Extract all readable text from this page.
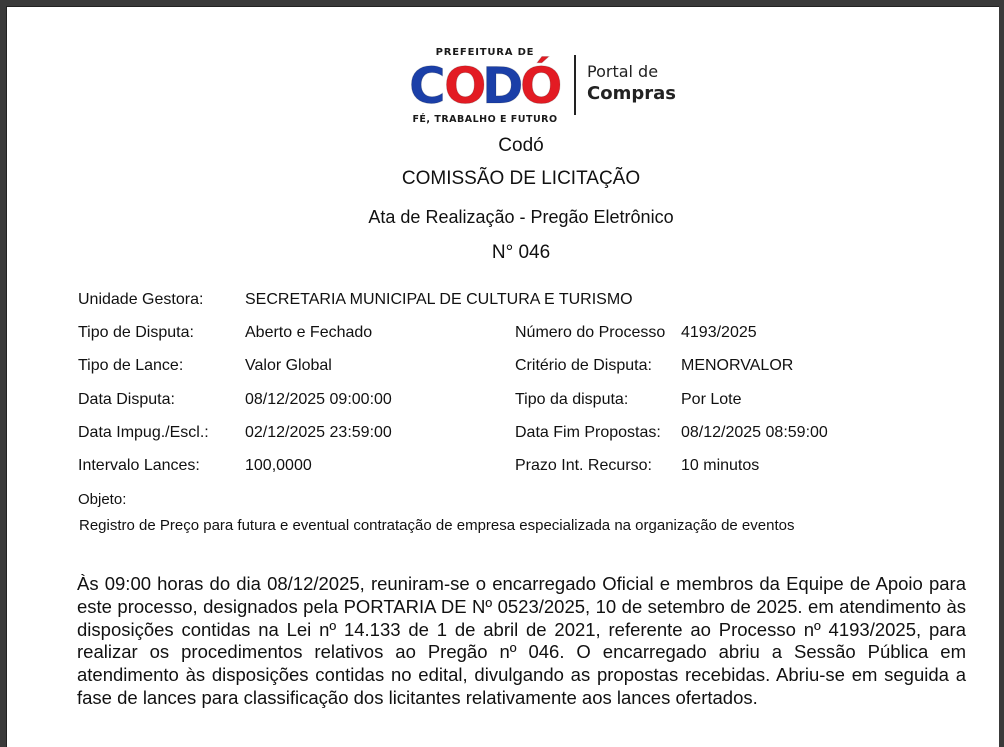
PREFEITURA DE
C O
D
Ó
FÉ, TRABALHO E FUTURO
Portal de
Compras
Codó
COMISSÃO DE LICITAÇÃO
Ata de Realização - Pregão Eletrônico
N° 046
Unidade Gestora:	SECRETARIA MUNICIPAL DE CULTURA E TURISMO
Tipo de Disputa:	Aberto e Fechado	Número do Processo 4193/2025
Tipo de Lance:	Valor Global	Critério de Disputa: MENORVALOR
Data Disputa:	08/12/2025 09:00:00	Tipo da disputa:	Por Lote
Data Impug./Escl.: 02/12/2025 23:59:00	Data Fim Propostas: 08/12/2025 08:59:00
Intervalo Lances:	100,0000	Prazo Int. Recurso: 10 minutos
Objeto:
Registro de Preço para futura e eventual contratação de empresa especializada na organização de eventos

Às 09:00 horas do dia 08/12/2025, reuniram-se o encarregado Oficial e membros da Equipe de Apoio para este processo, designados pela PORTARIA DE Nº 0523/2025, 10 de setembro de 2025. em atendimento às disposições contidas na Lei nº 14.133 de 1 de abril de 2021, referente ao Processo nº 4193/2025, para realizar os procedimentos relativos ao Pregão nº 046. O encarregado abriu a Sessão Pública em atendimento às disposições contidas no edital, divulgando as propostas recebidas. Abriu-se em seguida a fase de lances para classificação dos licitantes relativamente aos lances ofertados.
